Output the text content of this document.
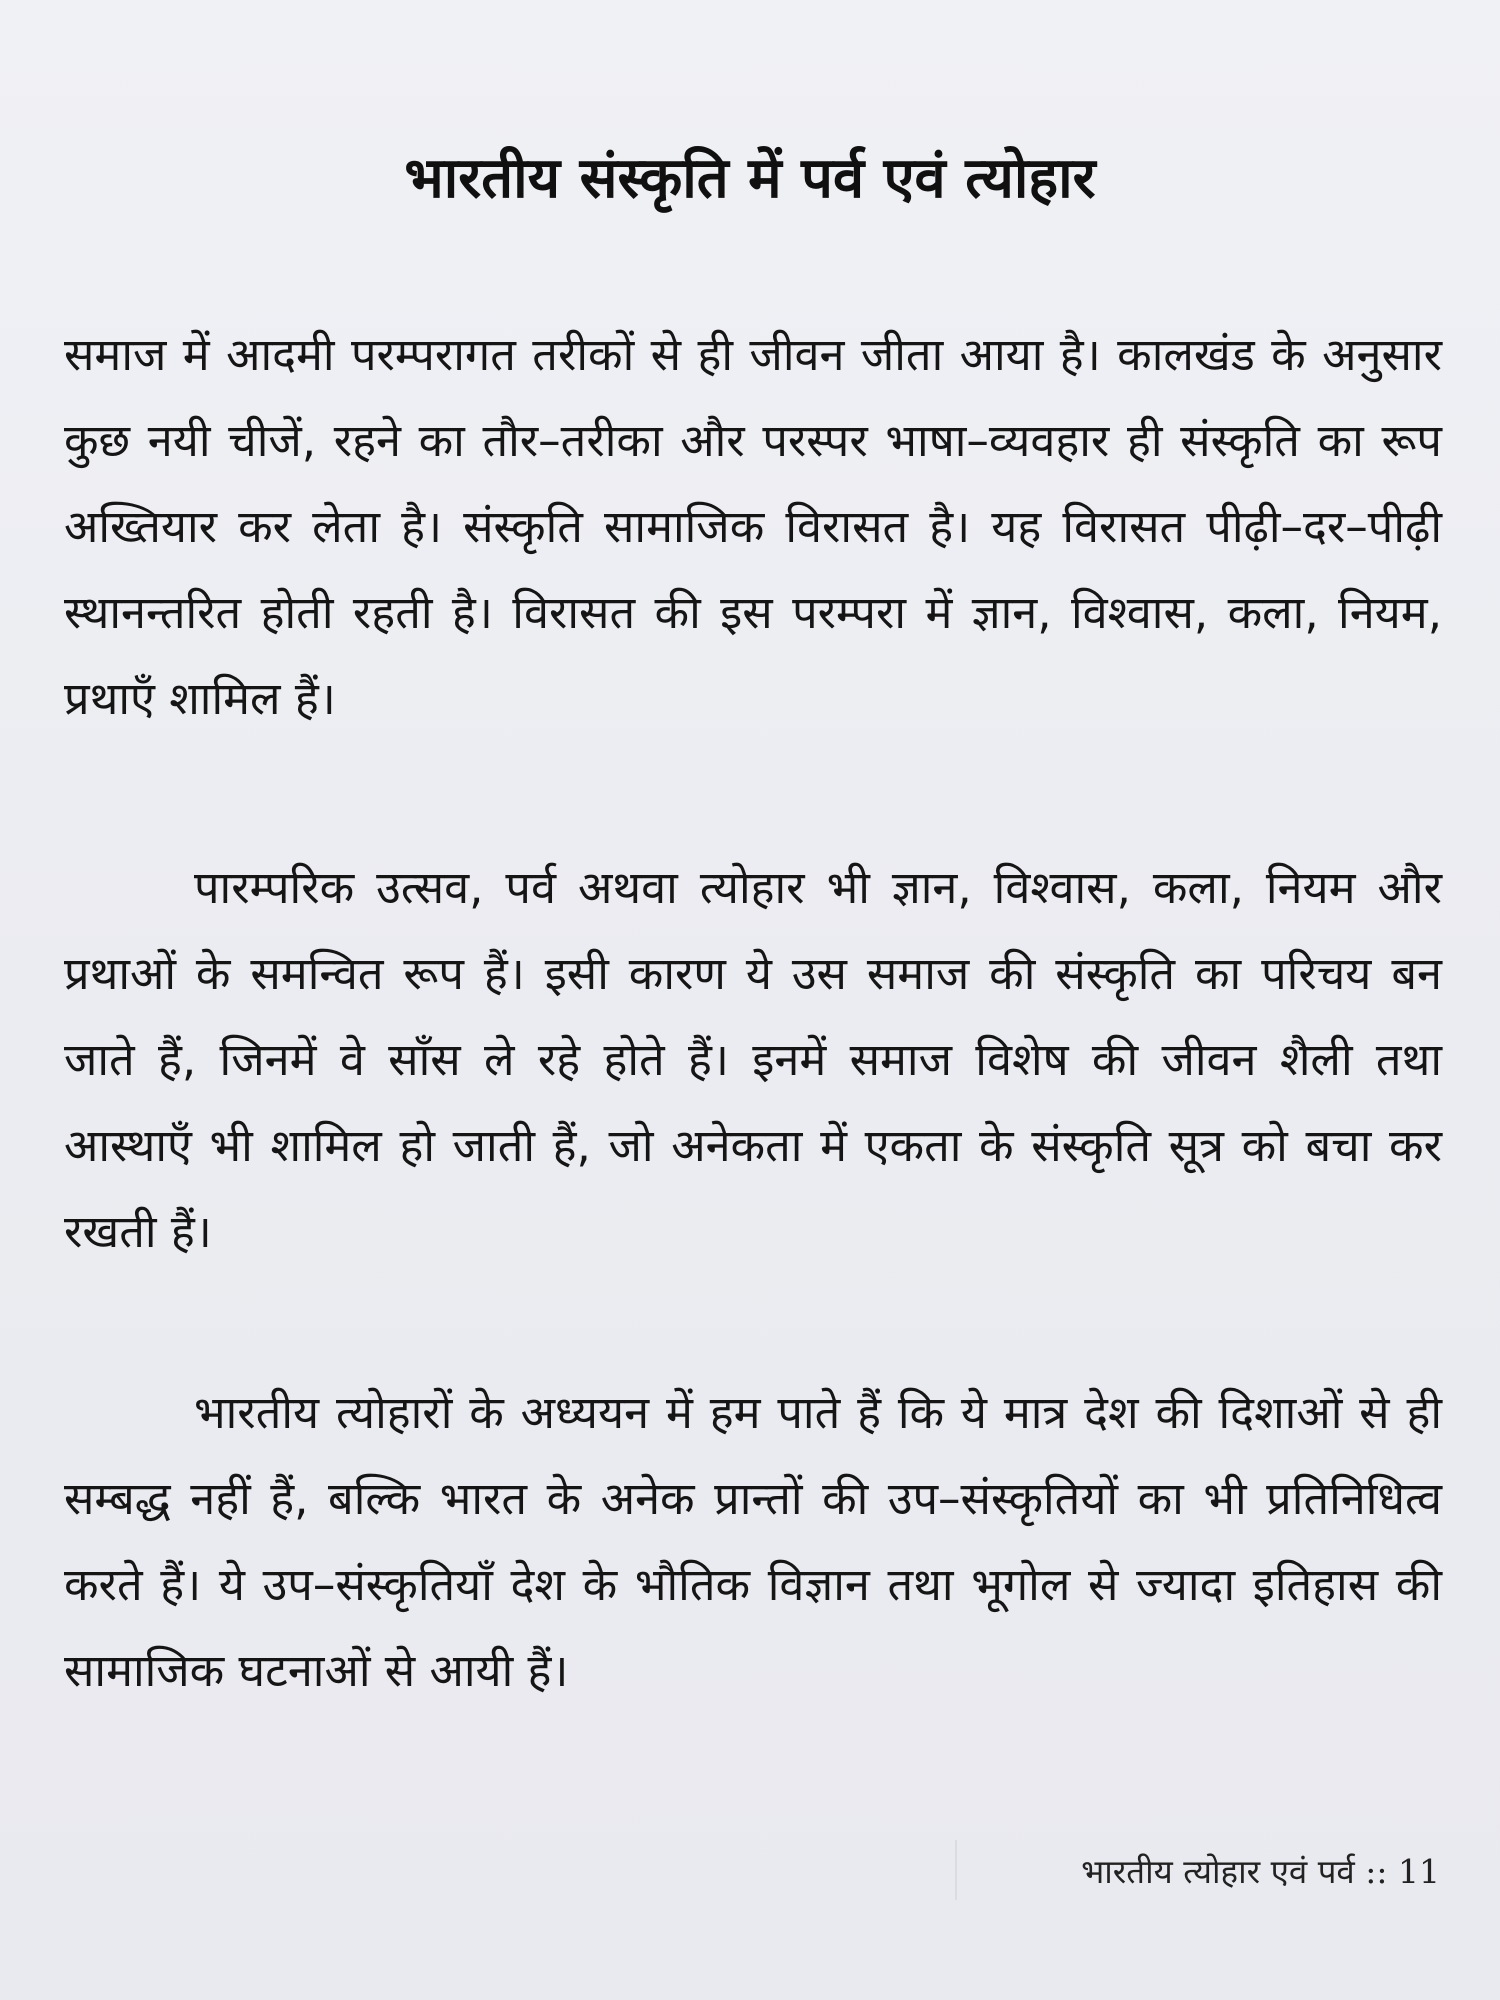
भारतीय संस्कृति में पर्व एवं त्योहार

समाज में आदमी परम्परागत तरीकों से ही जीवन जीता आया है। कालखंड के अनुसार कुछ नयी चीजें, रहने का तौर–तरीका और परस्पर भाषा–व्यवहार ही संस्कृति का रूप अख्तियार कर लेता है। संस्कृति सामाजिक विरासत है। यह विरासत पीढ़ी–दर–पीढ़ी स्थानन्तरित होती रहती है। विरासत की इस परम्परा में ज्ञान, विश्वास, कला, नियम, प्रथाएँ शामिल हैं।

पारम्परिक उत्सव, पर्व अथवा त्योहार भी ज्ञान, विश्वास, कला, नियम और प्रथाओं के समन्वित रूप हैं। इसी कारण ये उस समाज की संस्कृति का परिचय बन जाते हैं, जिनमें वे साँस ले रहे होते हैं। इनमें समाज विशेष की जीवन शैली तथा आस्थाएँ भी शामिल हो जाती हैं, जो अनेकता में एकता के संस्कृति सूत्र को बचा कर रखती हैं।

भारतीय त्योहारों के अध्ययन में हम पाते हैं कि ये मात्र देश की दिशाओं से ही सम्बद्ध नहीं हैं, बल्कि भारत के अनेक प्रान्तों की उप–संस्कृतियों का भी प्रतिनिधित्व करते हैं। ये उप–संस्कृतियाँ देश के भौतिक विज्ञान तथा भूगोल से ज्यादा इतिहास की सामाजिक घटनाओं से आयी हैं।

भारतीय त्योहार एवं पर्व :: 11
